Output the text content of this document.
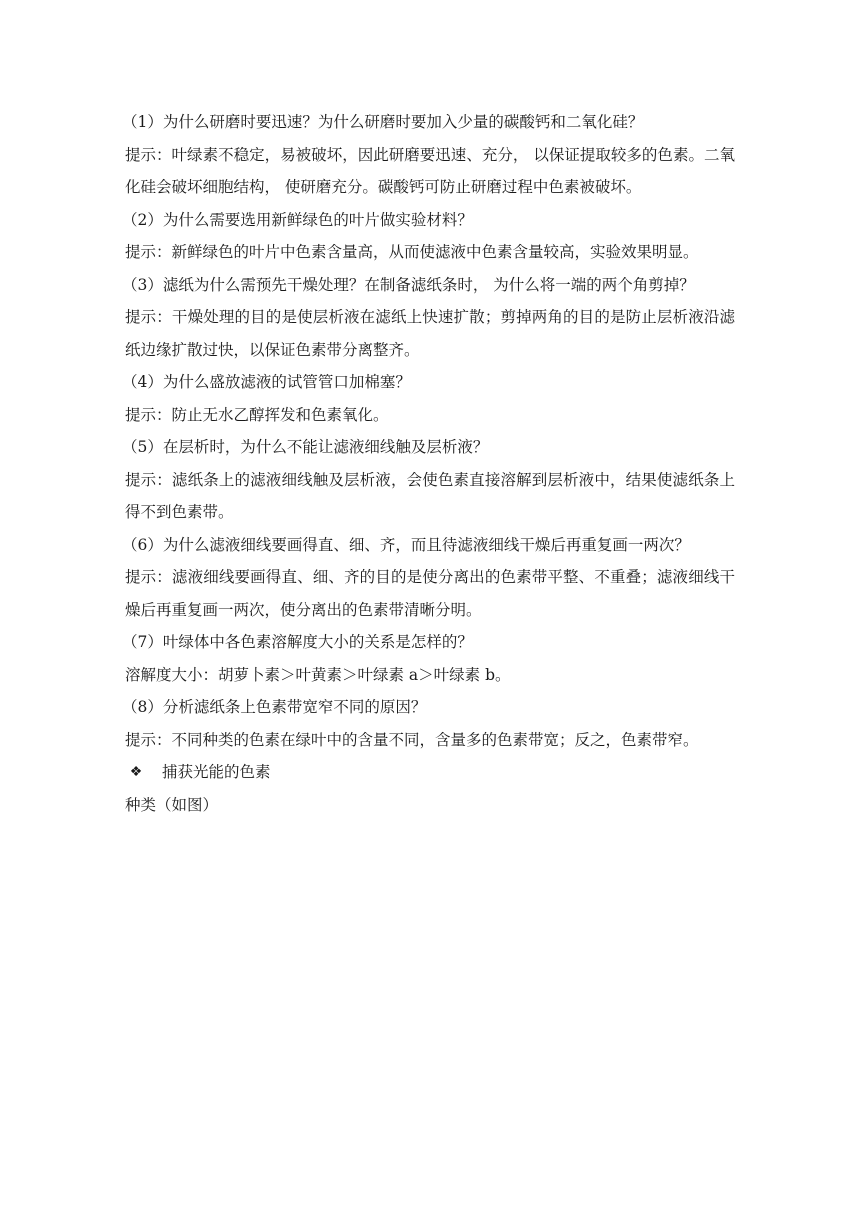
（1）为什么研磨时要迅速？为什么研磨时要加入少量的碳酸钙和二氧化硅？

提示：叶绿素不稳定，易被破坏，因此研磨要迅速、充分， 以保证提取较多的色素。二氧化硅会破坏细胞结构， 使研磨充分。碳酸钙可防止研磨过程中色素被破坏。

（2）为什么需要选用新鲜绿色的叶片做实验材料？

提示：新鲜绿色的叶片中色素含量高，从而使滤液中色素含量较高，实验效果明显。

（3）滤纸为什么需预先干燥处理？在制备滤纸条时， 为什么将一端的两个角剪掉？

提示：干燥处理的目的是使层析液在滤纸上快速扩散；剪掉两角的目的是防止层析液沿滤纸边缘扩散过快，以保证色素带分离整齐。

（4）为什么盛放滤液的试管管口加棉塞？

提示：防止无水乙醇挥发和色素氧化。

（5）在层析时，为什么不能让滤液细线触及层析液？

提示：滤纸条上的滤液细线触及层析液，会使色素直接溶解到层析液中，结果使滤纸条上得不到色素带。

（6）为什么滤液细线要画得直、细、齐，而且待滤液细线干燥后再重复画一两次？

提示：滤液细线要画得直、细、齐的目的是使分离出的色素带平整、不重叠；滤液细线干燥后再重复画一两次，使分离出的色素带清晰分明。

（7）叶绿体中各色素溶解度大小的关系是怎样的？

溶解度大小：胡萝卜素＞叶黄素＞叶绿素 a＞叶绿素 b。

（8）分析滤纸条上色素带宽窄不同的原因？

提示：不同种类的色素在绿叶中的含量不同，含量多的色素带宽；反之，色素带窄。

❖ 捕获光能的色素

种类（如图）
